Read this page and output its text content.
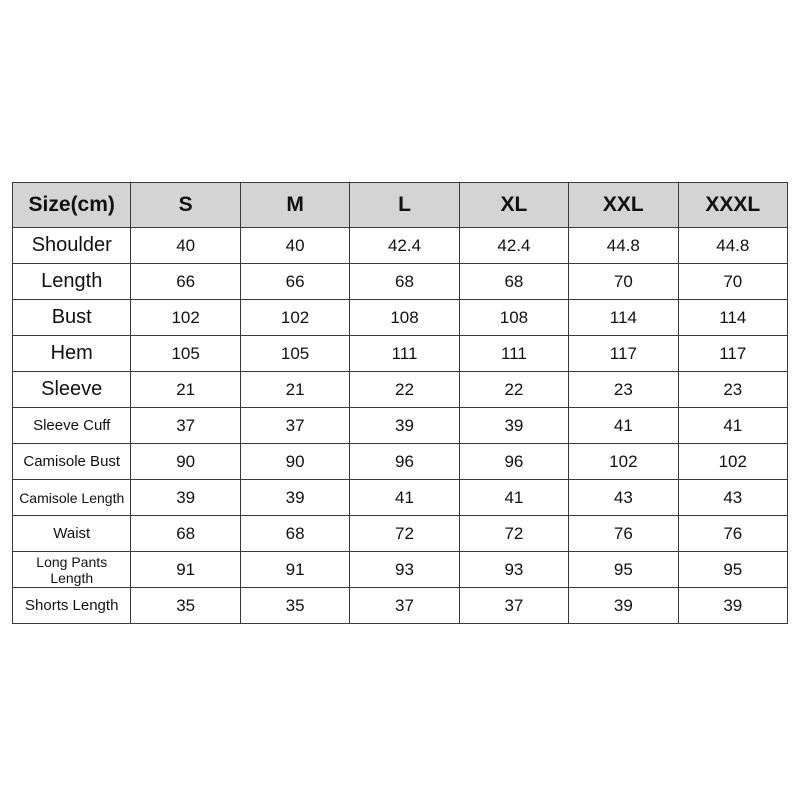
Size(cm)	S	M	L	XL	XXL	XXXL
Shoulder	40	40	42.4	42.4	44.8	44.8
Length	66	66	68	68	70	70
Bust	102	102	108	108	114	114
Hem	105	105	111	111	117	117
Sleeve	21	21	22	22	23	23
Sleeve Cuff	37	37	39	39	41	41
Camisole Bust	90	90	96	96	102	102
Camisole Length	39	39	41	41	43	43
Waist	68	68	72	72	76	76
Long Pants Length	91	91	93	93	95	95
Shorts Length	35	35	37	37	39	39
